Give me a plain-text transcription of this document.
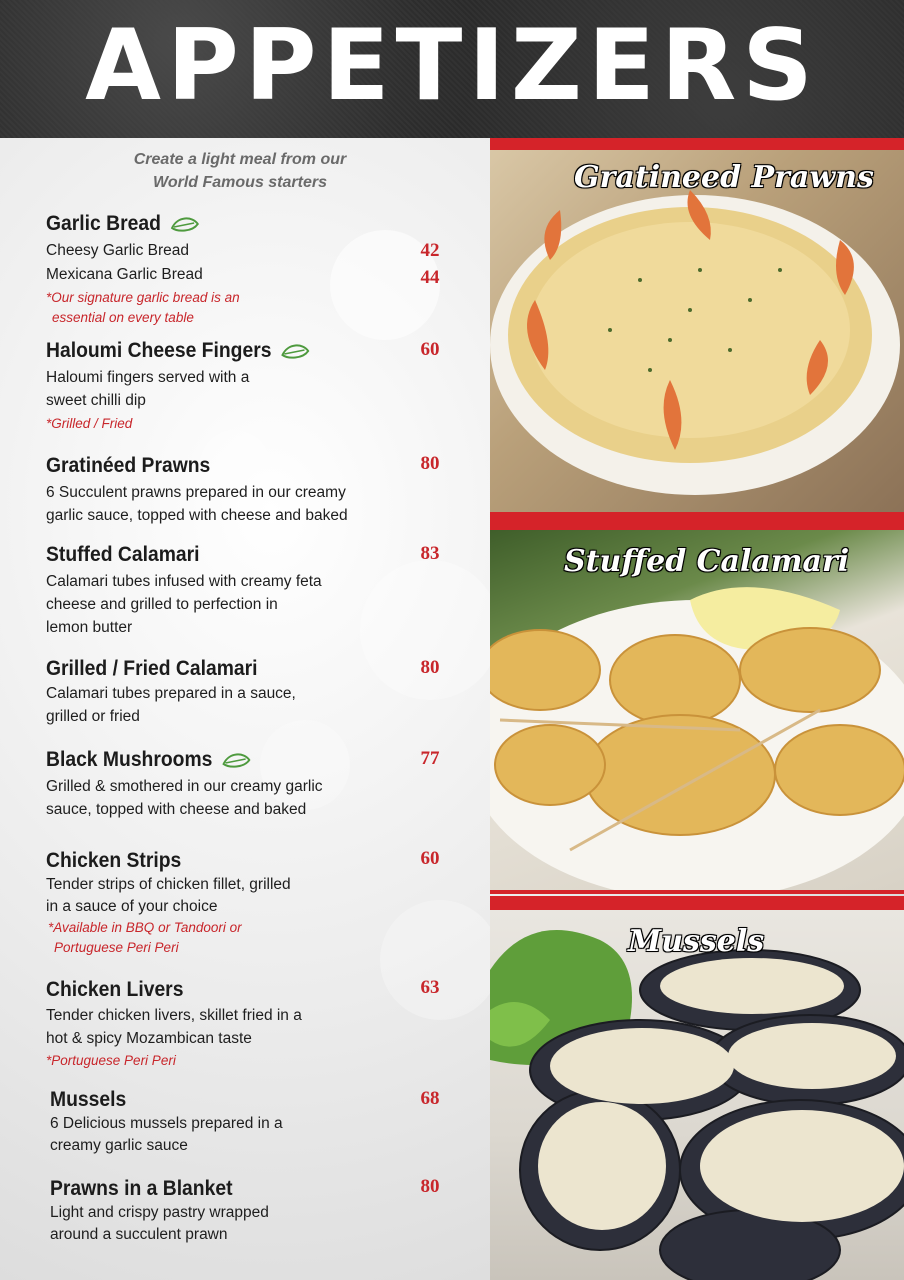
APPETIZERS
Create a light meal from our
World Famous starters
Garlic Bread
Cheesy Garlic Bread
Mexicana Garlic Bread
*Our signature garlic bread is an
essential on every table
42
44
Haloumi Cheese Fingers
Haloumi fingers served with a
sweet chilli dip
*Grilled / Fried
60
Gratinéed Prawns
6 Succulent prawns prepared in our creamy
garlic sauce, topped with cheese and baked
80
Stuffed Calamari
Calamari tubes infused with creamy feta
cheese and grilled to perfection in
lemon butter
83
Grilled / Fried Calamari
Calamari tubes prepared in a sauce,
grilled or fried
80
Black Mushrooms
Grilled & smothered in our creamy garlic
sauce, topped with cheese and baked
77
Chicken Strips
Tender strips of chicken fillet, grilled
in a sauce of your choice
*Available in BBQ or Tandoori or
Portuguese Peri Peri
60
Chicken Livers
Tender chicken livers, skillet fried in a
hot & spicy Mozambican taste
*Portuguese Peri Peri
63
Mussels
6 Delicious mussels prepared in a
creamy garlic sauce
68
Prawns in a Blanket
Light and crispy pastry wrapped
around a succulent prawn
80
Gratineed Prawns
Stuffed Calamari
Mussels
